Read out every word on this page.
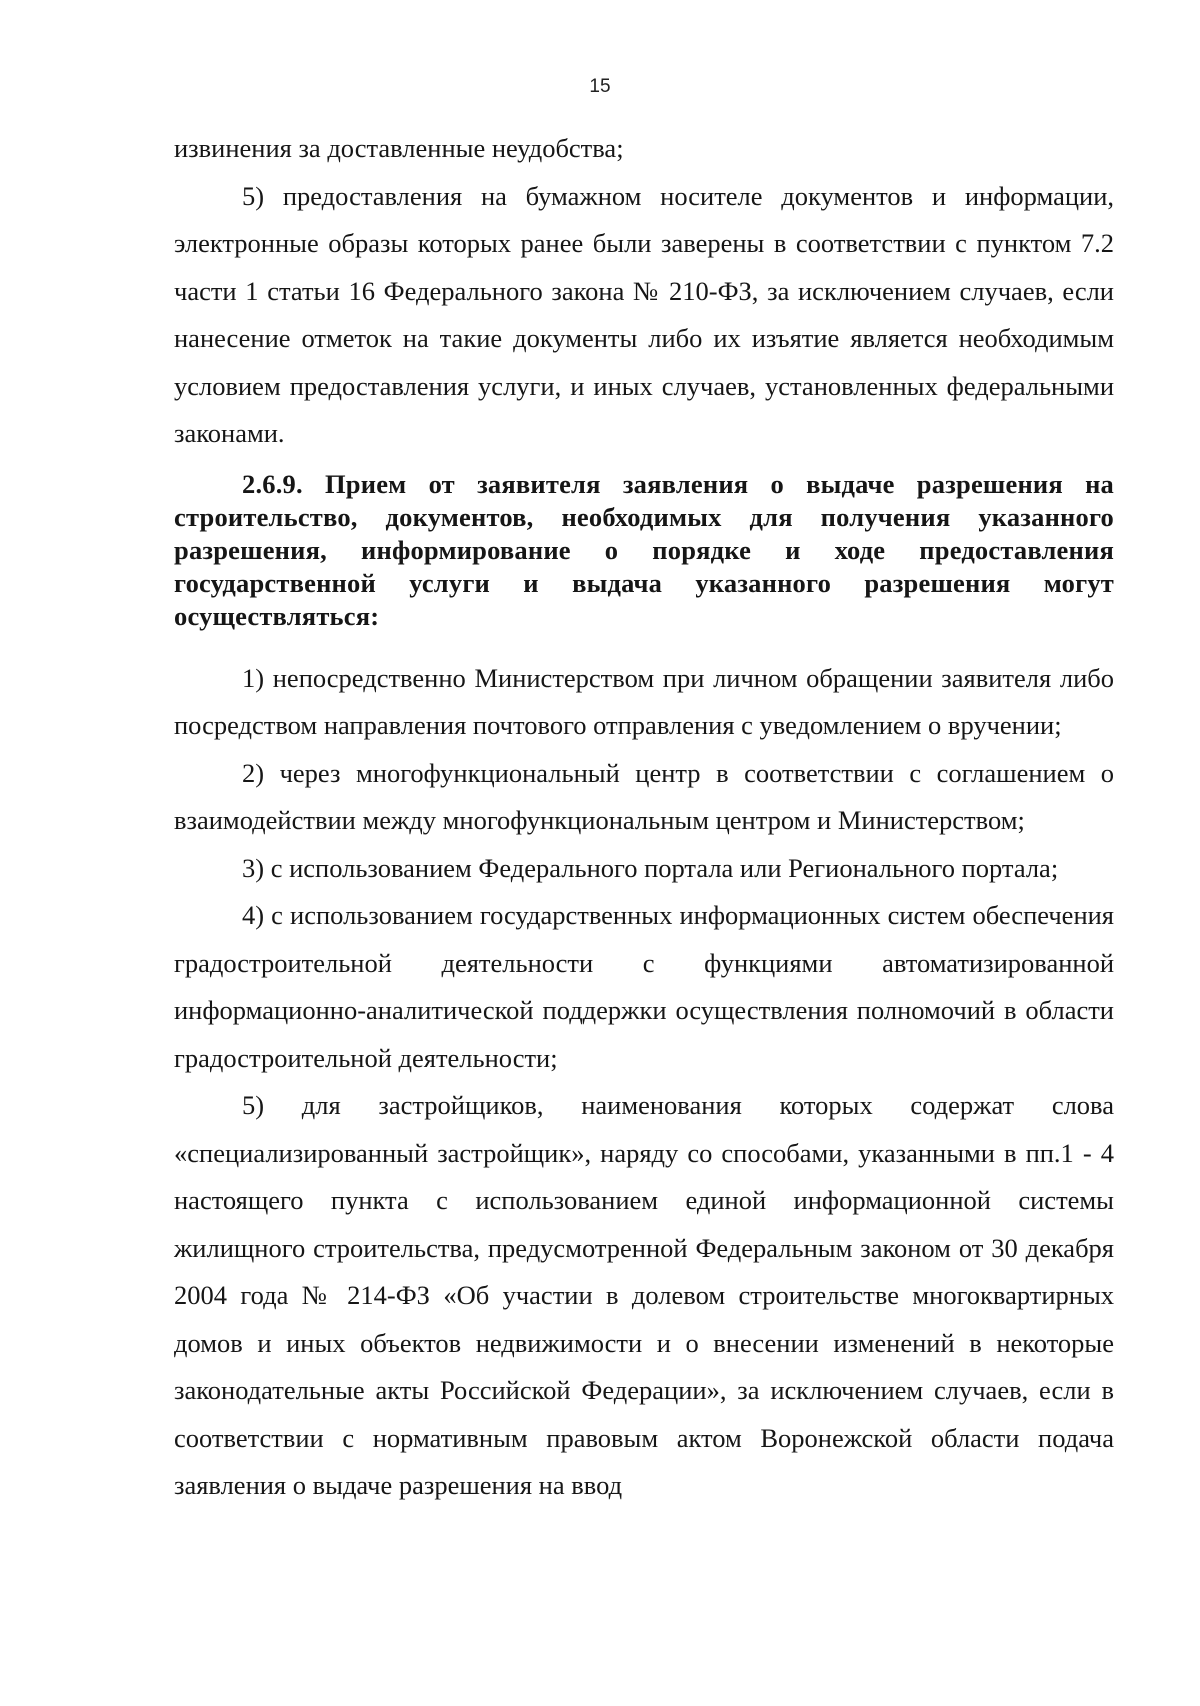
15

извинения за доставленные неудобства;

5) предоставления на бумажном носителе документов и информации, электронные образы которых ранее были заверены в соответствии с пунктом 7.2 части 1 статьи 16 Федерального закона № 210-ФЗ, за исключением случаев, если нанесение отметок на такие документы либо их изъятие является необходимым условием предоставления услуги, и иных случаев, установленных федеральными законами.

2.6.9. Прием от заявителя заявления о выдаче разрешения на строительство, документов, необходимых для получения указанного разрешения, информирование о порядке и ходе предоставления государственной услуги и выдача указанного разрешения могут осуществляться:

1) непосредственно Министерством при личном обращении заявителя либо посредством направления почтового отправления с уведомлением о вручении;

2) через многофункциональный центр в соответствии с соглашением о взаимодействии между многофункциональным центром и Министерством;

3) с использованием Федерального портала или Регионального портала;

4) с использованием государственных информационных систем обеспечения градостроительной деятельности с функциями автоматизированной информационно-аналитической поддержки осуществления полномочий в области градостроительной деятельности;

5) для застройщиков, наименования которых содержат слова «специализированный застройщик», наряду со способами, указанными в пп.1 - 4 настоящего пункта с использованием единой информационной системы жилищного строительства, предусмотренной Федеральным законом от 30 декабря 2004 года № 214-ФЗ «Об участии в долевом строительстве многоквартирных домов и иных объектов недвижимости и о внесении изменений в некоторые законодательные акты Российской Федерации», за исключением случаев, если в соответствии с нормативным правовым актом Воронежской области подача заявления о выдаче разрешения на ввод
